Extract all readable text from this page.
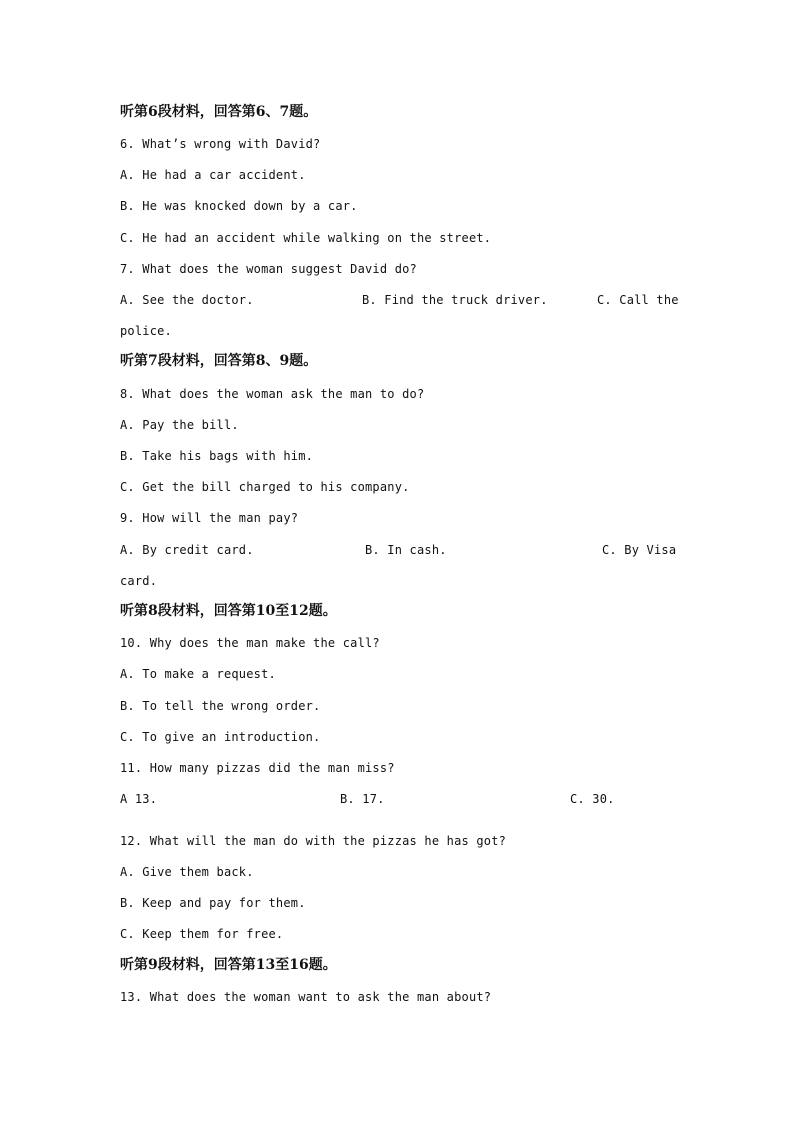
听第6段材料，回答第6、7题。
6. What’s wrong with David?
A. He had a car accident.
B. He was knocked down by a car.
C. He had an accident while walking on the street.
7. What does the woman suggest David do?
A. See the doctor.	B. Find the truck driver.	C. Call the
police.
听第7段材料，回答第8、9题。
8. What does the woman ask the man to do?
A. Pay the bill.
B. Take his bags with him.
C. Get the bill charged to his company.
9. How will the man pay?
A. By credit card.	B. In cash.	C. By Visa
card.
听第8段材料，回答第10至12题。
10. Why does the man make the call?
A. To make a request.
B. To tell the wrong order.
C. To give an introduction.
11. How many pizzas did the man miss?
A 13.	B. 17.	C. 30.
12. What will the man do with the pizzas he has got?
A. Give them back.
B. Keep and pay for them.
C. Keep them for free.
听第9段材料，回答第13至16题。
13. What does the woman want to ask the man about?
